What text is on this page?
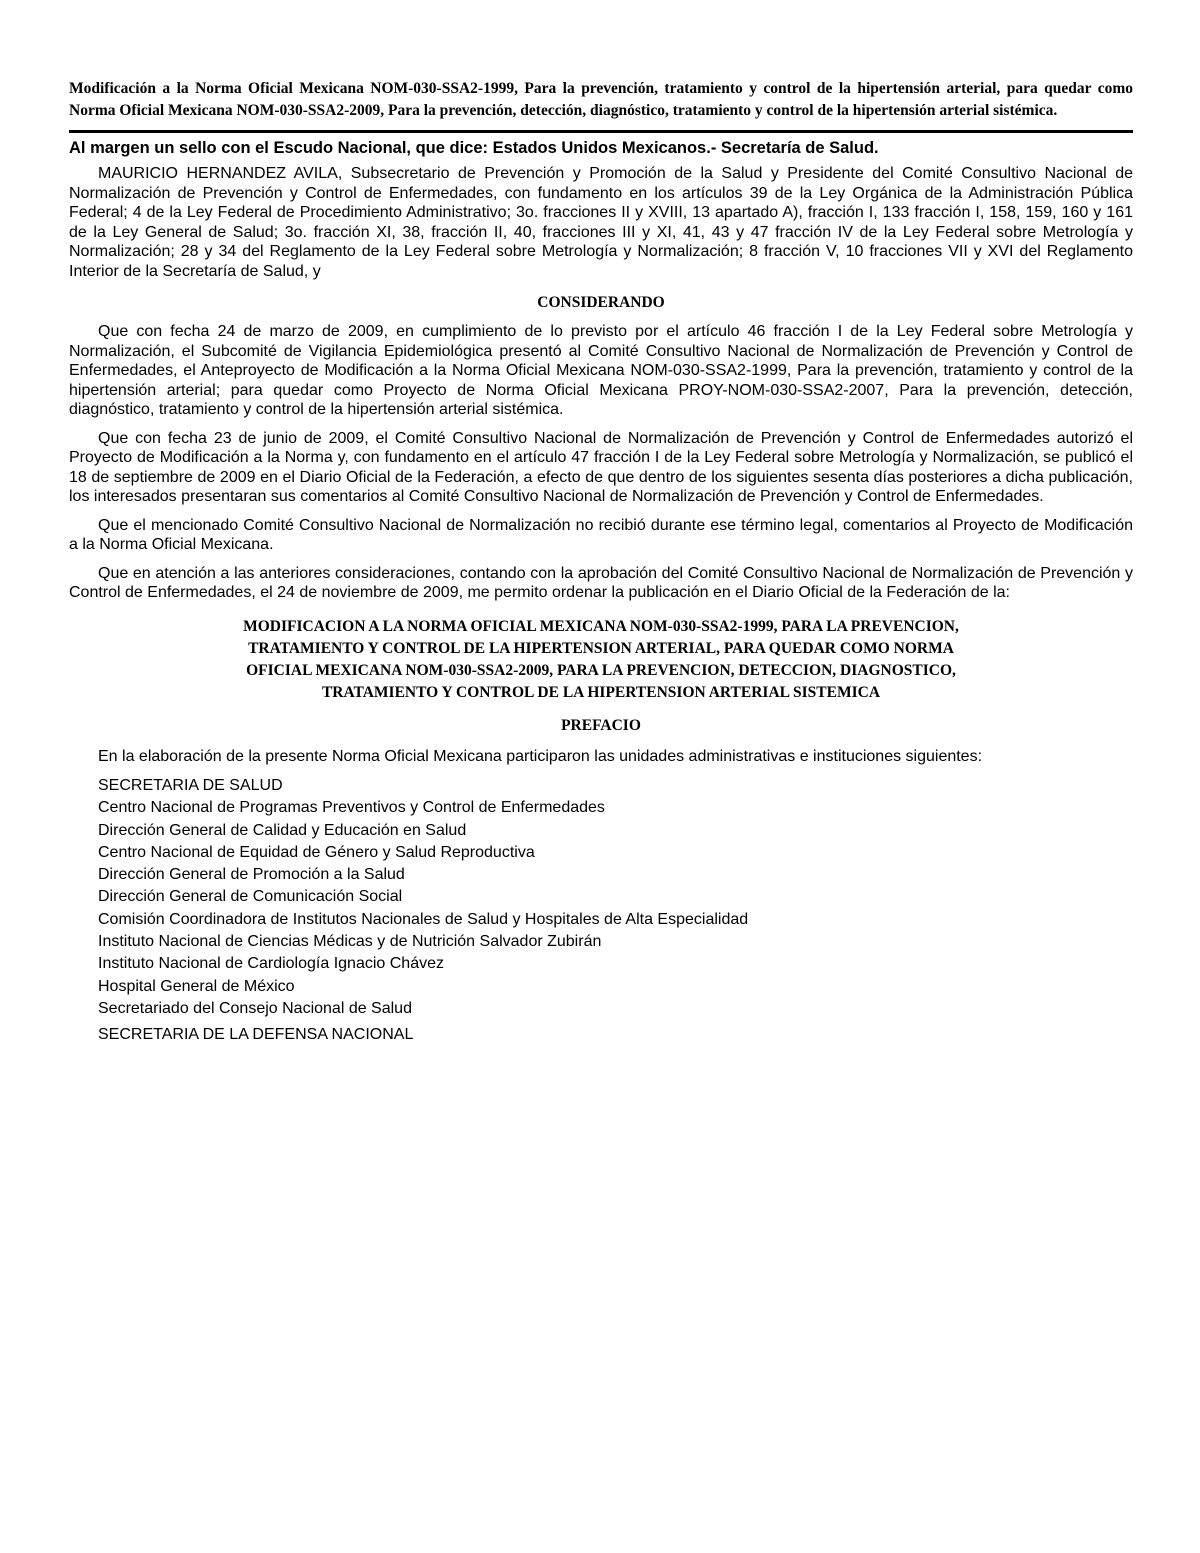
Modificación a la Norma Oficial Mexicana NOM-030-SSA2-1999, Para la prevención, tratamiento y control de la hipertensión arterial, para quedar como Norma Oficial Mexicana NOM-030-SSA2-2009, Para la prevención, detección, diagnóstico, tratamiento y control de la hipertensión arterial sistémica.

Al margen un sello con el Escudo Nacional, que dice: Estados Unidos Mexicanos.- Secretaría de Salud.

MAURICIO HERNANDEZ AVILA, Subsecretario de Prevención y Promoción de la Salud y Presidente del Comité Consultivo Nacional de Normalización de Prevención y Control de Enfermedades, con fundamento en los artículos 39 de la Ley Orgánica de la Administración Pública Federal; 4 de la Ley Federal de Procedimiento Administrativo; 3o. fracciones II y XVIII, 13 apartado A), fracción I, 133 fracción I, 158, 159, 160 y 161 de la Ley General de Salud; 3o. fracción XI, 38, fracción II, 40, fracciones III y XI, 41, 43 y 47 fracción IV de la Ley Federal sobre Metrología y Normalización; 28 y 34 del Reglamento de la Ley Federal sobre Metrología y Normalización; 8 fracción V, 10 fracciones VII y XVI del Reglamento Interior de la Secretaría de Salud, y

CONSIDERANDO

Que con fecha 24 de marzo de 2009, en cumplimiento de lo previsto por el artículo 46 fracción I de la Ley Federal sobre Metrología y Normalización, el Subcomité de Vigilancia Epidemiológica presentó al Comité Consultivo Nacional de Normalización de Prevención y Control de Enfermedades, el Anteproyecto de Modificación a la Norma Oficial Mexicana NOM-030-SSA2-1999, Para la prevención, tratamiento y control de la hipertensión arterial; para quedar como Proyecto de Norma Oficial Mexicana PROY-NOM-030-SSA2-2007, Para la prevención, detección, diagnóstico, tratamiento y control de la hipertensión arterial sistémica.

Que con fecha 23 de junio de 2009, el Comité Consultivo Nacional de Normalización de Prevención y Control de Enfermedades autorizó el Proyecto de Modificación a la Norma y, con fundamento en el artículo 47 fracción I de la Ley Federal sobre Metrología y Normalización, se publicó el 18 de septiembre de 2009 en el Diario Oficial de la Federación, a efecto de que dentro de los siguientes sesenta días posteriores a dicha publicación, los interesados presentaran sus comentarios al Comité Consultivo Nacional de Normalización de Prevención y Control de Enfermedades.

Que el mencionado Comité Consultivo Nacional de Normalización no recibió durante ese término legal, comentarios al Proyecto de Modificación a la Norma Oficial Mexicana.

Que en atención a las anteriores consideraciones, contando con la aprobación del Comité Consultivo Nacional de Normalización de Prevención y Control de Enfermedades, el 24 de noviembre de 2009, me permito ordenar la publicación en el Diario Oficial de la Federación de la:

MODIFICACION A LA NORMA OFICIAL MEXICANA NOM-030-SSA2-1999, PARA LA PREVENCION,
TRATAMIENTO Y CONTROL DE LA HIPERTENSION ARTERIAL, PARA QUEDAR COMO NORMA
OFICIAL MEXICANA NOM-030-SSA2-2009, PARA LA PREVENCION, DETECCION, DIAGNOSTICO,
TRATAMIENTO Y CONTROL DE LA HIPERTENSION ARTERIAL SISTEMICA

PREFACIO

En la elaboración de la presente Norma Oficial Mexicana participaron las unidades administrativas e instituciones siguientes:

SECRETARIA DE SALUD
Centro Nacional de Programas Preventivos y Control de Enfermedades
Dirección General de Calidad y Educación en Salud
Centro Nacional de Equidad de Género y Salud Reproductiva
Dirección General de Promoción a la Salud
Dirección General de Comunicación Social
Comisión Coordinadora de Institutos Nacionales de Salud y Hospitales de Alta Especialidad
Instituto Nacional de Ciencias Médicas y de Nutrición Salvador Zubirán
Instituto Nacional de Cardiología Ignacio Chávez
Hospital General de México
Secretariado del Consejo Nacional de Salud
SECRETARIA DE LA DEFENSA NACIONAL
